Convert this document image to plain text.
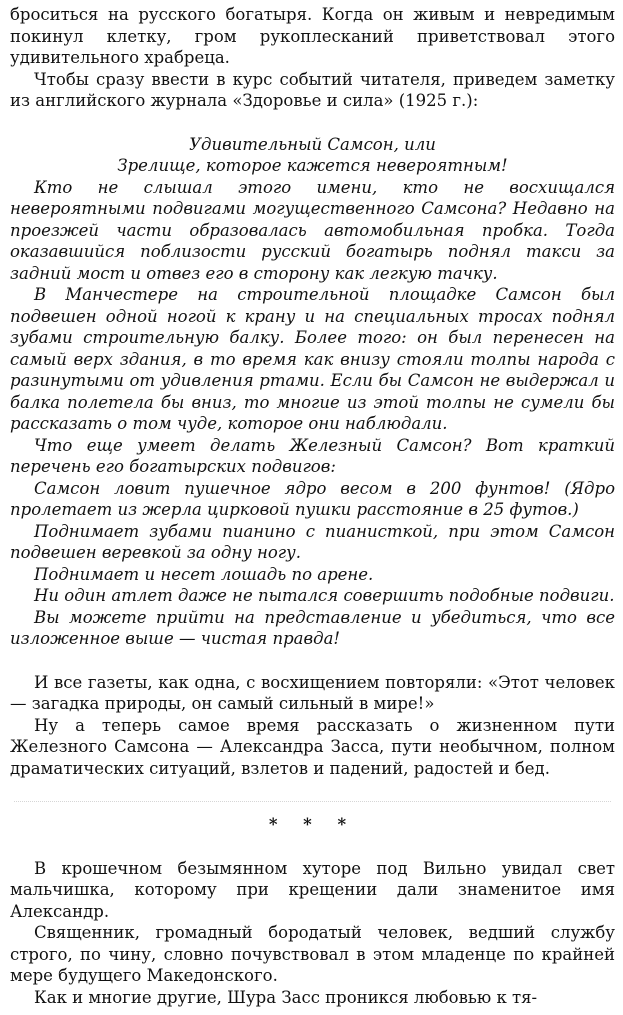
броситься на русского богатыря. Когда он живым и невредимым покинул клетку, гром рукоплесканий приветствовал этого удивительного храбреца.

Чтобы сразу ввести в курс событий читателя, приведем заметку из английского журнала «Здоровье и сила» (1925 г.):

Удивительный Самсон, или

Зрелище, которое кажется невероятным!

Кто не слышал этого имени, кто не восхищался невероятными подвигами могущественного Самсона? Недавно на проезжей части образовалась автомобильная пробка. Тогда оказавшийся поблизости русский богатырь поднял такси за задний мост и отвез его в сторону как легкую тачку.

В Манчестере на строительной площадке Самсон был подвешен одной ногой к крану и на специальных тросах поднял зубами строительную балку. Более того: он был перенесен на самый верх здания, в то время как внизу стояли толпы народа с разинутыми от удивления ртами. Если бы Самсон не выдержал и балка полетела бы вниз, то многие из этой толпы не сумели бы рассказать о том чуде, которое они наблюдали.

Что еще умеет делать Железный Самсон? Вот краткий перечень его богатырских подвигов:

Самсон ловит пушечное ядро весом в 200 фунтов! (Ядро пролетает из жерла цирковой пушки расстояние в 25 футов.)

Поднимает зубами пианино с пианисткой, при этом Самсон подвешен веревкой за одну ногу.

Поднимает и несет лошадь по арене.

Ни один атлет даже не пытался совершить подобные подвиги.

Вы можете прийти на представление и убедиться, что все изложенное выше — чистая правда!

И все газеты, как одна, с восхищением повторяли: «Этот человек — загадка природы, он самый сильный в мире!»

Ну а теперь самое время рассказать о жизненном пути Железного Самсона — Александра Засса, пути необычном, полном драматических ситуаций, взлетов и падений, радостей и бед.

* * *

В крошечном безымянном хуторе под Вильно увидал свет мальчишка, которому при крещении дали знаменитое имя Александр.

Священник, громадный бородатый человек, ведший службу строго, по чину, словно почувствовал в этом младенце по крайней мере будущего Македонского.

Как и многие другие, Шура Засс проникся любовью к тя-
